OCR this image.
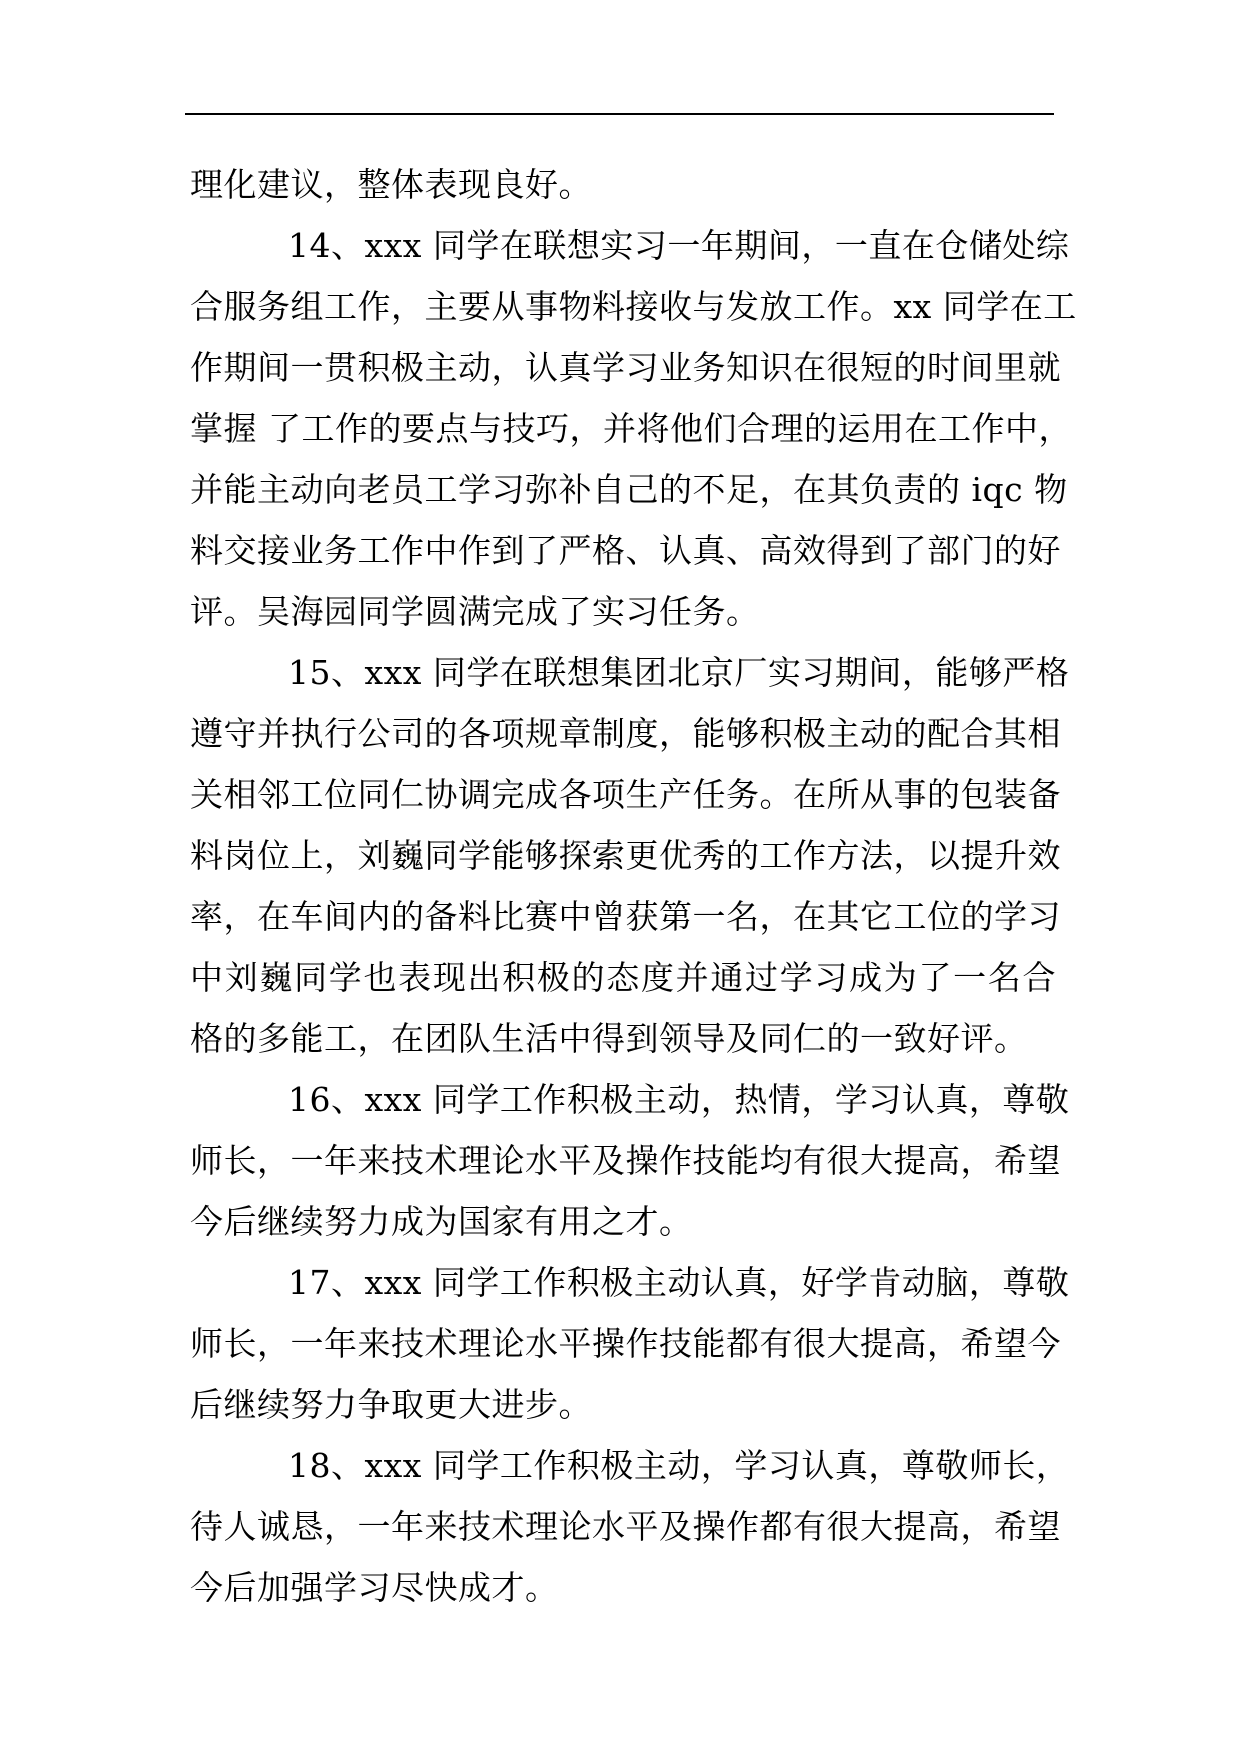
理化建议，整体表现良好。
14、xxx 同学在联想实习一年期间，一直在仓储处综
合服务组工作，主要从事物料接收与发放工作。xx 同学在工
作期间一贯积极主动，认真学习业务知识在很短的时间里就
掌握 了工作的要点与技巧，并将他们合理的运用在工作中，
并能主动向老员工学习弥补自己的不足，在其负责的 iqc 物
料交接业务工作中作到了严格、认真、高效得到了部门的好
评。吴海园同学圆满完成了实习任务。
15、xxx 同学在联想集团北京厂实习期间，能够严格
遵守并执行公司的各项规章制度，能够积极主动的配合其相
关相邻工位同仁协调完成各项生产任务。在所从事的包装备
料岗位上，刘巍同学能够探索更优秀的工作方法，以提升效
率，在车间内的备料比赛中曾获第一名，在其它工位的学习
中刘巍同学也表现出积极的态度并通过学习成为了一名合
格的多能工，在团队生活中得到领导及同仁的一致好评。
16、xxx 同学工作积极主动，热情，学习认真，尊敬
师长，一年来技术理论水平及操作技能均有很大提高，希望
今后继续努力成为国家有用之才。
17、xxx 同学工作积极主动认真，好学肯动脑，尊敬
师长，一年来技术理论水平操作技能都有很大提高，希望今
后继续努力争取更大进步。
18、xxx 同学工作积极主动，学习认真，尊敬师长，
待人诚恳，一年来技术理论水平及操作都有很大提高，希望
今后加强学习尽快成才。
